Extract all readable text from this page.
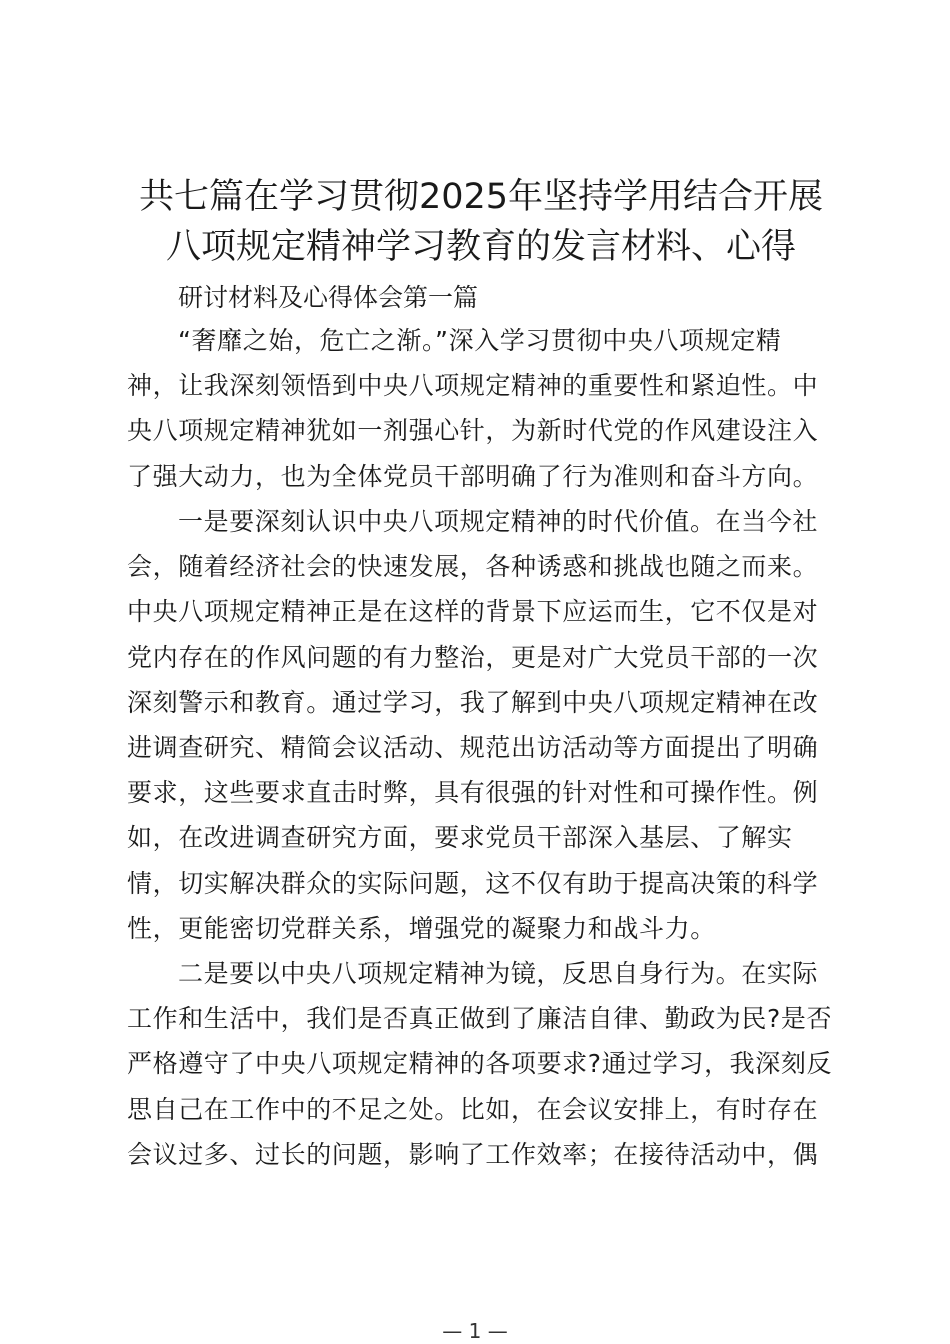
共七篇在学习贯彻2025年坚持学用结合开展
八项规定精神学习教育的发言材料、心得
研讨材料及心得体会第一篇

“奢靡之始，危亡之渐。”深入学习贯彻中央八项规定精
神，让我深刻领悟到中央八项规定精神的重要性和紧迫性。中
央八项规定精神犹如一剂强心针，为新时代党的作风建设注入
了强大动力，也为全体党员干部明确了行为准则和奋斗方向。

一是要深刻认识中央八项规定精神的时代价值。在当今社
会，随着经济社会的快速发展，各种诱惑和挑战也随之而来。
中央八项规定精神正是在这样的背景下应运而生，它不仅是对
党内存在的作风问题的有力整治，更是对广大党员干部的一次
深刻警示和教育。通过学习，我了解到中央八项规定精神在改
进调查研究、精简会议活动、规范出访活动等方面提出了明确
要求，这些要求直击时弊，具有很强的针对性和可操作性。例
如，在改进调查研究方面，要求党员干部深入基层、了解实
情，切实解决群众的实际问题，这不仅有助于提高决策的科学
性，更能密切党群关系，增强党的凝聚力和战斗力。

二是要以中央八项规定精神为镜，反思自身行为。在实际
工作和生活中，我们是否真正做到了廉洁自律、勤政为民?是否
严格遵守了中央八项规定精神的各项要求?通过学习，我深刻反
思自己在工作中的不足之处。比如，在会议安排上，有时存在
会议过多、过长的问题，影响了工作效率；在接待活动中，偶

— 1 —
